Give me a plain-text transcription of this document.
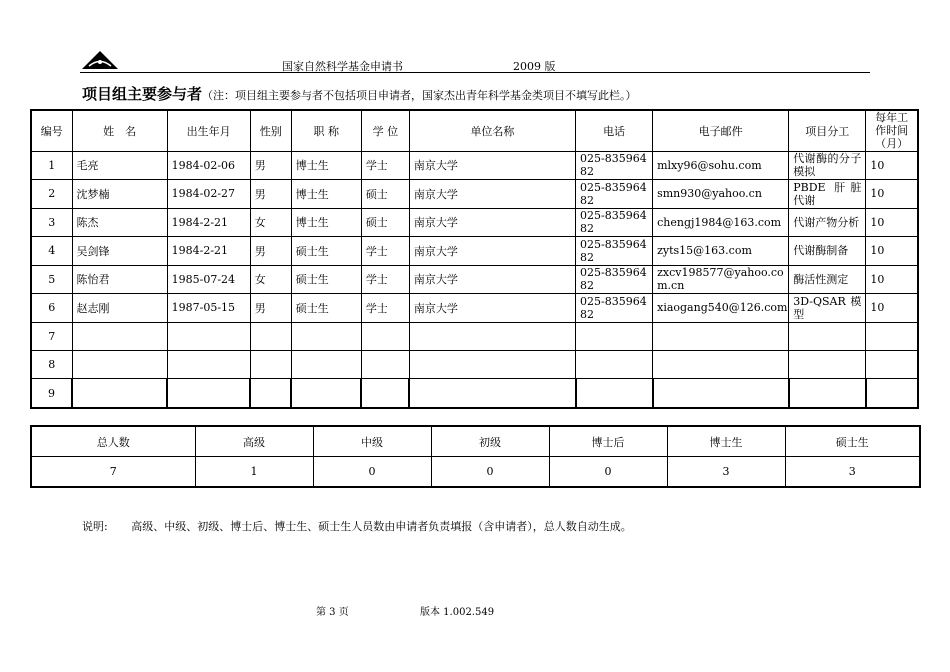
国家自然科学基金申请书	2009 版
项目组主要参与者（注：项目组主要参与者不包括项目申请者，国家杰出青年科学基金类项目不填写此栏。）
编号	姓　名	出生年月	性别	职 称	学 位	单位名称	电话	电子邮件	项目分工	每年工作时间（月）
1	毛亮	1984-02-06	男	博士生	学士	南京大学	025-83596482	mlxy96@sohu.com	代谢酶的分子模拟	10
2	沈梦楠	1984-02-27	男	博士生	硕士	南京大学	025-83596482	smn930@yahoo.cn	PBDE 肝脏代谢	10
3	陈杰	1984-2-21	女	博士生	硕士	南京大学	025-83596482	chengj1984@163.com	代谢产物分析	10
4	吴剑锋	1984-2-21	男	硕士生	学士	南京大学	025-83596482	zyts15@163.com	代谢酶制备	10
5	陈怡君	1985-07-24	女	硕士生	学士	南京大学	025-83596482	zxcv198577@yahoo.com.cn	酶活性测定	10
6	赵志刚	1987-05-15	男	硕士生	学士	南京大学	025-83596482	xiaogang540@126.com	3D-QSAR 模型	10
7										
8										
9										
总人数	高级	中级	初级	博士后	博士生	硕士生
7	1	0	0	0	3	3
说明: 高级、中级、初级、博士后、博士生、硕士生人员数由申请者负责填报（含申请者），总人数自动生成。
第 3 页	版本 1.002.549
